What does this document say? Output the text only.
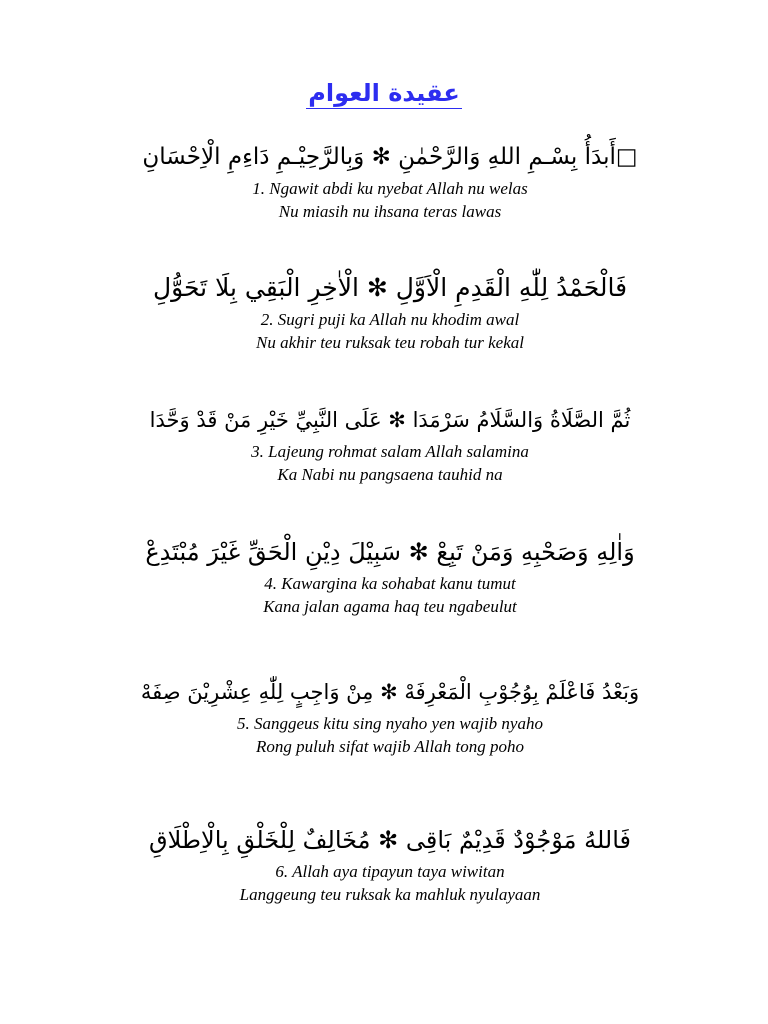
عقيدة العوام
□أَبدَأُ بِسْـمِ اللهِ وَالرَّحْمٰنِ ✻ وَبِالرَّحِيْـمِ دَاءِمِ الْاِحْسَانِ
1. Ngawit abdi ku nyebat Allah nu welas
Nu miasih nu ihsana teras lawas
فَالْحَمْدُ لِلّٰهِ الْقَدِمِ الْاَوَّلِ ✻ الْاٰخِرِ الْبَقِي بِلَا تَحَوُّلِ
2. Sugri puji ka Allah nu khodim awal
Nu akhir teu ruksak teu robah tur kekal
ثُمَّ الصَّلَاةُ وَالسَّلَامُ سَرْمَدَا ✻ عَلَى النَّبِيِّ خَيْرِ مَنْ قَدْ وَحَّدَا
3. Lajeung rohmat salam Allah salamina
Ka Nabi nu pangsaena tauhid na
وَاٰلِهِ وَصَحْبِهِ وَمَنْ تَبِعْ ✻ سَبِيْلَ دِيْنِ الْحَقِّ غَيْرَ مُبْتَدِعْ
4. Kawargina ka sohabat kanu tumut
Kana jalan agama haq teu ngabeulut
وَبَعْدُ فَاعْلَمْ بِوُجُوْبِ الْمَعْرِفَهْ ✻ مِنْ وَاجِبٍ لِلّٰهِ عِشْرِيْنَ صِفَهْ
5. Sanggeus kitu sing nyaho yen wajib nyaho
Rong puluh sifat wajib Allah tong poho
فَاللهُ مَوْجُوْدٌ قَدِيْمٌ بَاقِى ✻ مُخَالِفٌ لِلْخَلْقِ بِالْاِطْلَاقِ
6. Allah aya tipayun taya wiwitan
Langgeung teu ruksak ka mahluk nyulayaan
